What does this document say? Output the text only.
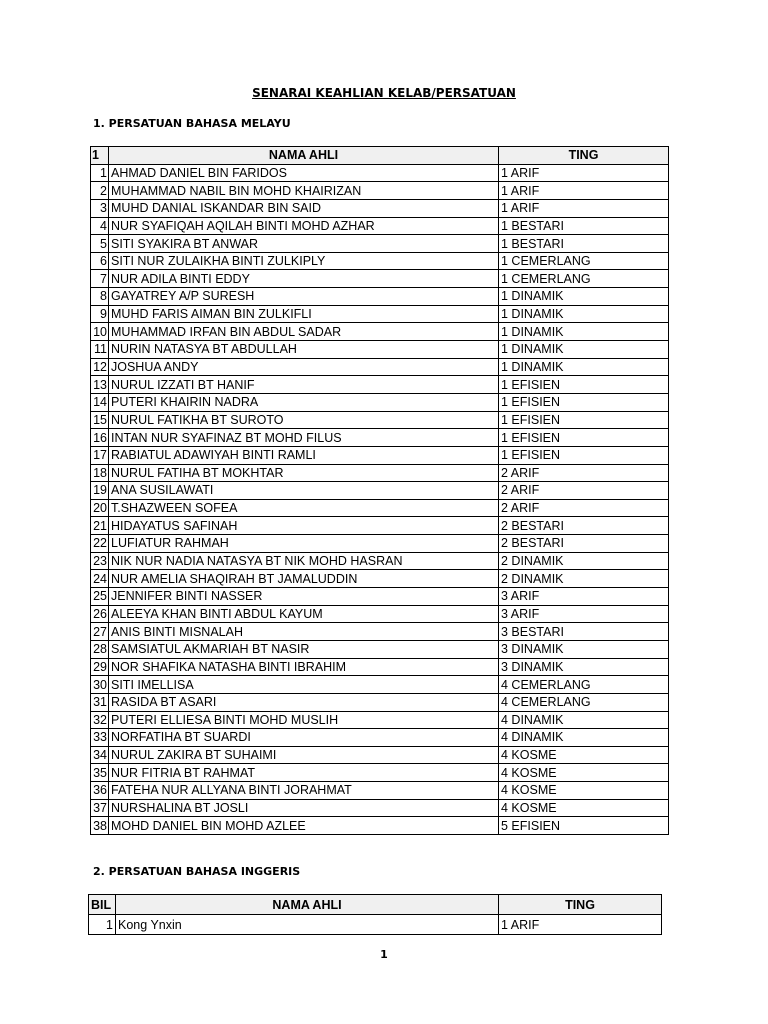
SENARAI KEAHLIAN KELAB/PERSATUAN
1. PERSATUAN BAHASA MELAYU
1	NAMA AHLI	TING
1	AHMAD DANIEL BIN FARIDOS	1 ARIF
2	MUHAMMAD NABIL BIN MOHD KHAIRIZAN	1 ARIF
3	MUHD DANIAL ISKANDAR BIN SAID	1 ARIF
4	NUR SYAFIQAH AQILAH BINTI MOHD AZHAR	1 BESTARI
5	SITI SYAKIRA BT ANWAR	1 BESTARI
6	SITI NUR ZULAIKHA BINTI ZULKIPLY	1 CEMERLANG
7	NUR ADILA BINTI EDDY	1 CEMERLANG
8	GAYATREY A/P SURESH	1 DINAMIK
9	MUHD FARIS AIMAN BIN ZULKIFLI	1 DINAMIK
10	MUHAMMAD IRFAN BIN ABDUL SADAR	1 DINAMIK
11	NURIN NATASYA BT ABDULLAH	1 DINAMIK
12	JOSHUA ANDY	1 DINAMIK
13	NURUL IZZATI BT HANIF	1 EFISIEN
14	PUTERI KHAIRIN NADRA	1 EFISIEN
15	NURUL FATIKHA BT SUROTO	1 EFISIEN
16	INTAN NUR SYAFINAZ BT MOHD FILUS	1 EFISIEN
17	RABIATUL ADAWIYAH BINTI RAMLI	1 EFISIEN
18	NURUL FATIHA BT MOKHTAR	2 ARIF
19	ANA SUSILAWATI	2 ARIF
20	T.SHAZWEEN SOFEA	2 ARIF
21	HIDAYATUS SAFINAH	2 BESTARI
22	LUFIATUR RAHMAH	2 BESTARI
23	NIK NUR NADIA NATASYA BT NIK MOHD HASRAN	2 DINAMIK
24	NUR AMELIA SHAQIRAH BT JAMALUDDIN	2 DINAMIK
25	JENNIFER BINTI NASSER	3 ARIF
26	ALEEYA KHAN BINTI ABDUL KAYUM	3 ARIF
27	ANIS BINTI MISNALAH	3 BESTARI
28	SAMSIATUL AKMARIAH BT NASIR	3 DINAMIK
29	NOR SHAFIKA NATASHA BINTI IBRAHIM	3 DINAMIK
30	SITI IMELLISA	4 CEMERLANG
31	RASIDA BT ASARI	4 CEMERLANG
32	PUTERI ELLIESA BINTI MOHD MUSLIH	4 DINAMIK
33	NORFATIHA BT SUARDI	4 DINAMIK
34	NURUL ZAKIRA BT SUHAIMI	4 KOSME
35	NUR FITRIA BT RAHMAT	4 KOSME
36	FATEHA NUR ALLYANA BINTI JORAHMAT	4 KOSME
37	NURSHALINA BT JOSLI	4 KOSME
38	MOHD DANIEL BIN MOHD AZLEE	5 EFISIEN
2. PERSATUAN BAHASA INGGERIS
BIL	NAMA AHLI	TING
1	Kong Ynxin	1 ARIF
1
